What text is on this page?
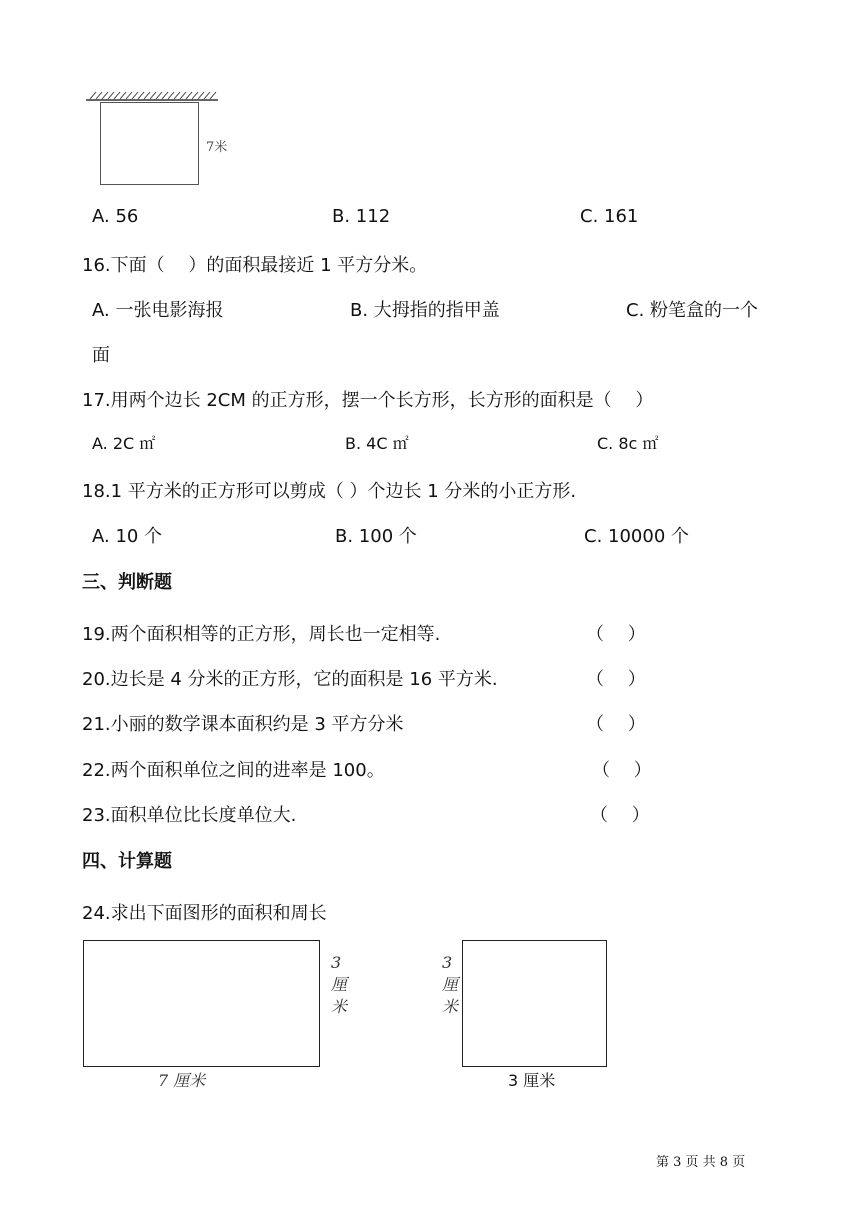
7米
A. 56	B. 112	C. 161
16.下面（　 ）的面积最接近 1 平方分米。
A. 一张电影海报	B. 大拇指的指甲盖	C. 粉笔盒的一个
面
17.用两个边长 2CM 的正方形，摆一个长方形，长方形的面积是（　 ）
A. 2C ㎡	B. 4C ㎡	C. 8c ㎡
18.1 平方米的正方形可以剪成（ ）个边长 1 分米的小正方形.
A. 10 个	B. 100 个	C. 10000 个
三、判断题
19.两个面积相等的正方形，周长也一定相等.	（　 ）
20.边长是 4 分米的正方形，它的面积是 16 平方米.	（　 ）
21.小丽的数学课本面积约是 3 平方分米	（　 ）
22.两个面积单位之间的进率是 100。	（　 ）
23.面积单位比长度单位大.	（　 ）
四、计算题
24.求出下面图形的面积和周长
3
厘
米
7 厘米
3
厘
米
3 厘米
第 3 页 共 8 页
